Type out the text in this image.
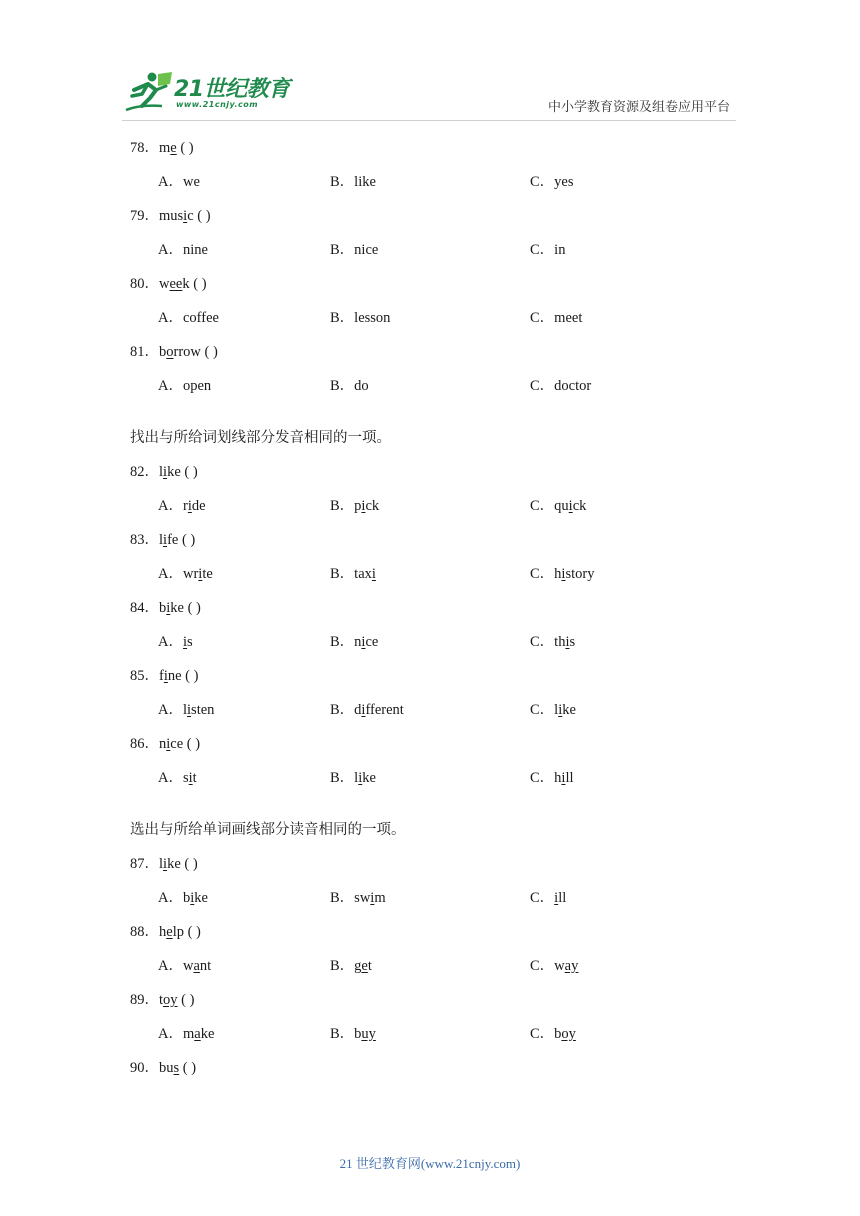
21世纪教育
www.21cnjy.com	中小学教育资源及组卷应用平台
78．me ( )
A．we	B．like	C．yes
79．music ( )
A．nine	B．nice	C．in
80．week ( )
A．coffee	B．lesson	C．meet
81．borrow ( )
A．open	B．do	C．doctor
找出与所给词划线部分发音相同的一项。
82．like ( )
A．ride	B．pick	C．quick
83．life ( )
A．write	B．taxi	C．history
84．bike ( )
A．is	B．nice	C．this
85．fine ( )
A．listen	B．different	C．like
86．nice ( )
A．sit	B．like	C．hill
选出与所给单词画线部分读音相同的一项。
87．like ( )
A．bike	B．swim	C．ill
88．help ( )
A．want	B．get	C．way
89．toy ( )
A．make	B．buy	C．boy
90．bus ( )
21 世纪教育网(www.21cnjy.com)
